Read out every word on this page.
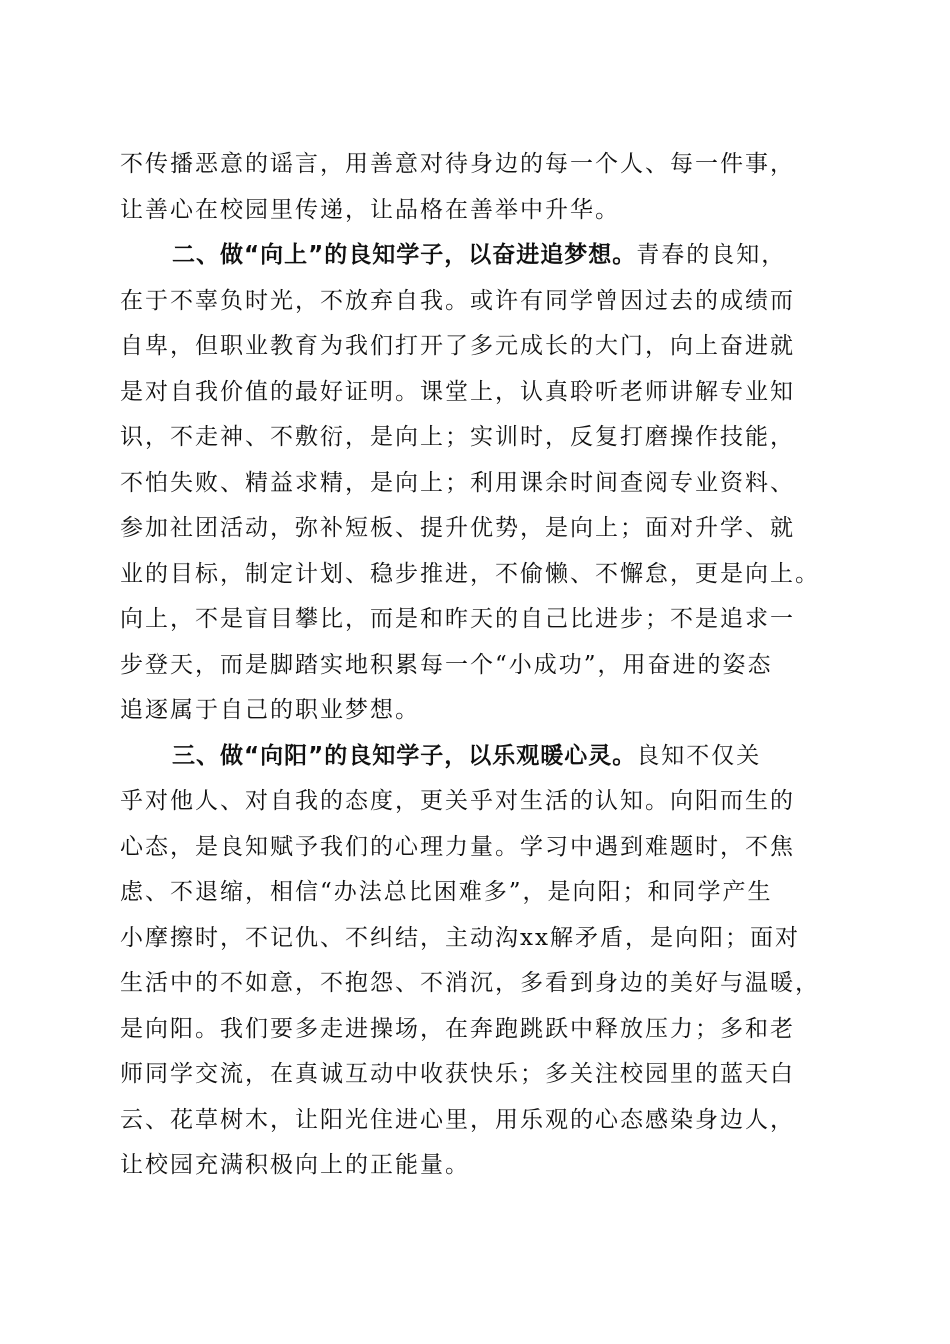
不传播恶意的谣言，用善意对待身边的每一个人、每一件事，
让善心在校园里传递，让品格在善举中升华。
二、做“向上”的良知学子，以奋进追梦想。青春的良知，
在于不辜负时光，不放弃自我。或许有同学曾因过去的成绩而
自卑，但职业教育为我们打开了多元成长的大门，向上奋进就
是对自我价值的最好证明。课堂上，认真聆听老师讲解专业知
识，不走神、不敷衍，是向上；实训时，反复打磨操作技能，
不怕失败、精益求精，是向上；利用课余时间查阅专业资料、
参加社团活动，弥补短板、提升优势，是向上；面对升学、就
业的目标，制定计划、稳步推进，不偷懒、不懈怠，更是向上。
向上，不是盲目攀比，而是和昨天的自己比进步；不是追求一
步登天，而是脚踏实地积累每一个“小成功”，用奋进的姿态
追逐属于自己的职业梦想。
三、做“向阳”的良知学子，以乐观暖心灵。良知不仅关
乎对他人、对自我的态度，更关乎对生活的认知。向阳而生的
心态，是良知赋予我们的心理力量。学习中遇到难题时，不焦
虑、不退缩，相信“办法总比困难多”，是向阳；和同学产生
小摩擦时，不记仇、不纠结，主动沟xx解矛盾，是向阳；面对
生活中的不如意，不抱怨、不消沉，多看到身边的美好与温暖，
是向阳。我们要多走进操场，在奔跑跳跃中释放压力；多和老
师同学交流，在真诚互动中收获快乐；多关注校园里的蓝天白
云、花草树木，让阳光住进心里，用乐观的心态感染身边人，
让校园充满积极向上的正能量。
